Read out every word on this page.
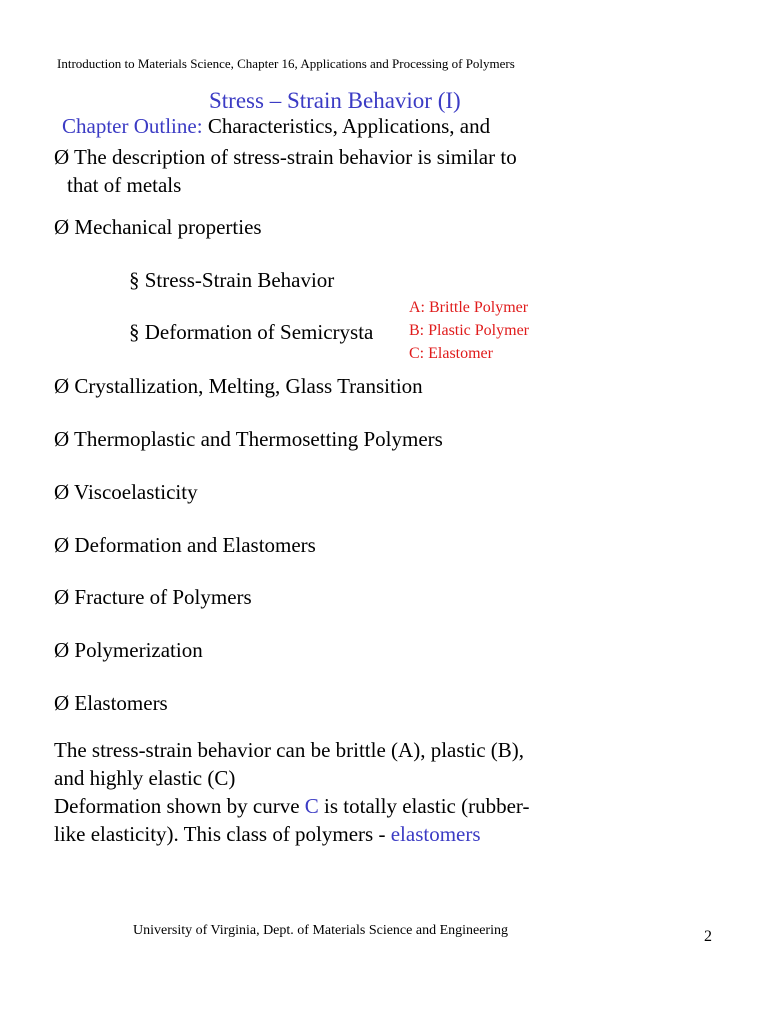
Introduction to Materials Science, Chapter 16, Applications and Processing of Polymers
Stress – Strain Behavior (I)
Chapter Outline: Characteristics, Applications, and
Ø The description of stress-strain behavior is similar to
that of metals
Ø Mechanical properties
§ Stress-Strain Behavior
§ Deformation of Semicrysta
A: Brittle Polymer
B: Plastic Polymer
C: Elastomer
Ø Crystallization, Melting, Glass Transition
Ø Thermoplastic and Thermosetting Polymers
Ø Viscoelasticity
Ø Deformation and Elastomers
Ø Fracture of Polymers
Ø Polymerization
Ø Elastomers
The stress-strain behavior can be brittle (A), plastic (B),
and highly elastic (C)
Deformation shown by curve C is totally elastic (rubber-
like elasticity). This class of polymers - elastomers
University of Virginia, Dept. of Materials Science and Engineering	2
